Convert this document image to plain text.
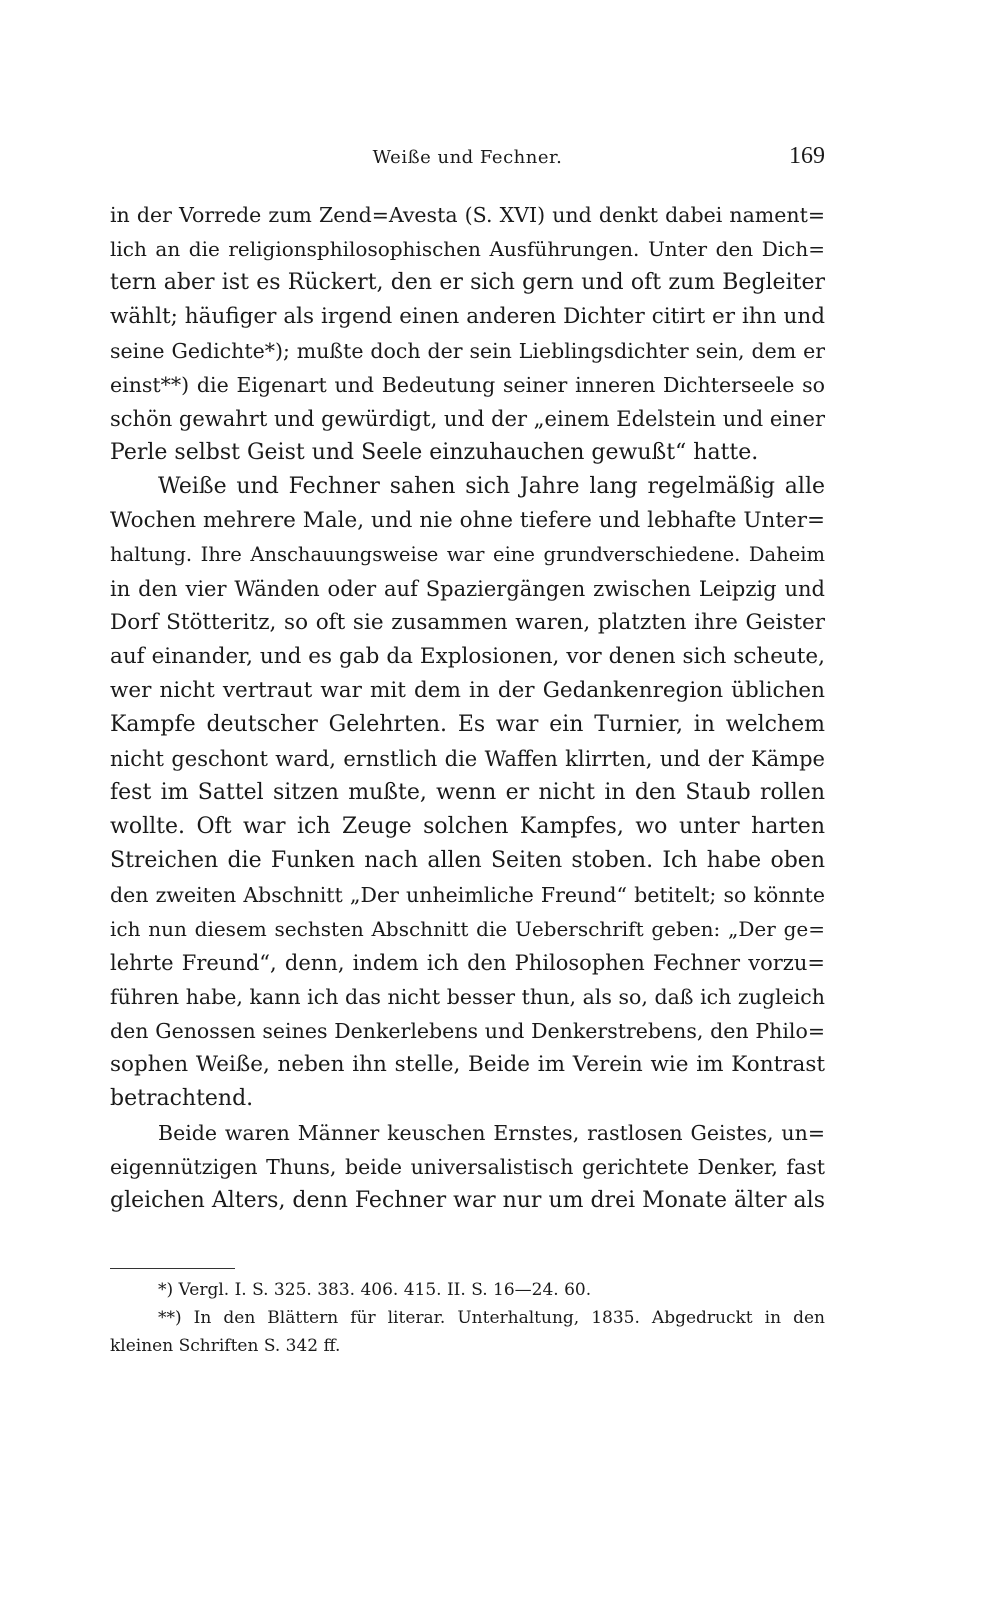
Weiße und Fechner.	169
in der Vorrede zum Zend=Avesta (S. XVI) und denkt dabei nament=
lich an die religionsphilosophischen Ausführungen. Unter den Dich=
tern aber ist es Rückert, den er sich gern und oft zum Begleiter
wählt; häufiger als irgend einen anderen Dichter citirt er ihn und
seine Gedichte*); mußte doch der sein Lieblingsdichter sein, dem er
einst**) die Eigenart und Bedeutung seiner inneren Dichterseele so
schön gewahrt und gewürdigt, und der „einem Edelstein und einer
Perle selbst Geist und Seele einzuhauchen gewußt“ hatte.
Weiße und Fechner sahen sich Jahre lang regelmäßig alle
Wochen mehrere Male, und nie ohne tiefere und lebhafte Unter=
haltung. Ihre Anschauungsweise war eine grundverschiedene. Daheim
in den vier Wänden oder auf Spaziergängen zwischen Leipzig und
Dorf Stötteritz, so oft sie zusammen waren, platzten ihre Geister
auf einander, und es gab da Explosionen, vor denen sich scheute,
wer nicht vertraut war mit dem in der Gedankenregion üblichen
Kampfe deutscher Gelehrten. Es war ein Turnier, in welchem
nicht geschont ward, ernstlich die Waffen klirrten, und der Kämpe
fest im Sattel sitzen mußte, wenn er nicht in den Staub rollen
wollte. Oft war ich Zeuge solchen Kampfes, wo unter harten
Streichen die Funken nach allen Seiten stoben. Ich habe oben
den zweiten Abschnitt „Der unheimliche Freund“ betitelt; so könnte
ich nun diesem sechsten Abschnitt die Ueberschrift geben: „Der ge=
lehrte Freund“, denn, indem ich den Philosophen Fechner vorzu=
führen habe, kann ich das nicht besser thun, als so, daß ich zugleich
den Genossen seines Denkerlebens und Denkerstrebens, den Philo=
sophen Weiße, neben ihn stelle, Beide im Verein wie im Kontrast
betrachtend.
Beide waren Männer keuschen Ernstes, rastlosen Geistes, un=
eigennützigen Thuns, beide universalistisch gerichtete Denker, fast
gleichen Alters, denn Fechner war nur um drei Monate älter als
*) Vergl. I. S. 325. 383. 406. 415. II. S. 16—24. 60.
**) In den Blättern für literar. Unterhaltung, 1835. Abgedruckt in den
kleinen Schriften S. 342 ff.
